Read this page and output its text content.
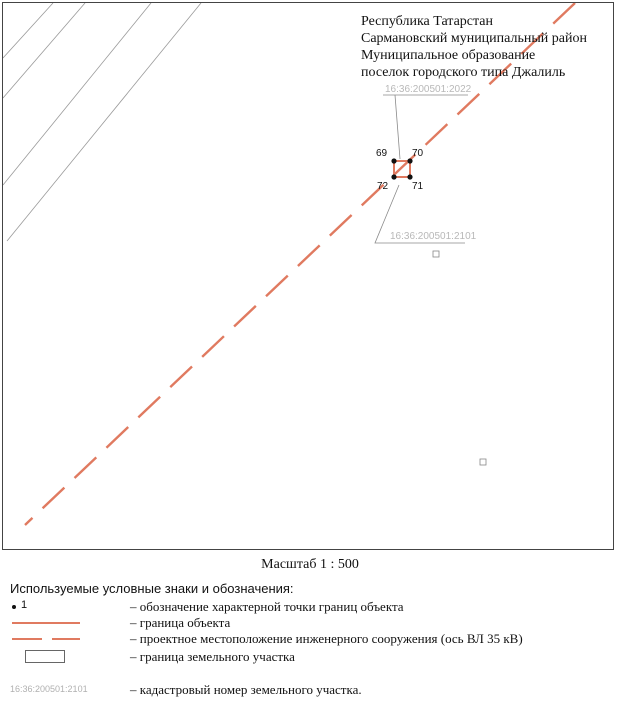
69 70
71
72
16:36:200501:2022
16:36:200501:2101
Республика Татарстан
Сармановский муниципальный район
Муниципальное образование
поселок городского типа Джалиль
Масштаб 1 : 500
Используемые условные знаки и обозначения:
1	– обозначение характерной точки границ объекта
– граница объекта
– проектное местоположение инженерного сооружения (ось ВЛ 35 кВ)
– граница земельного участка
16:36:200501:2101	– кадастровый номер земельного участка.
